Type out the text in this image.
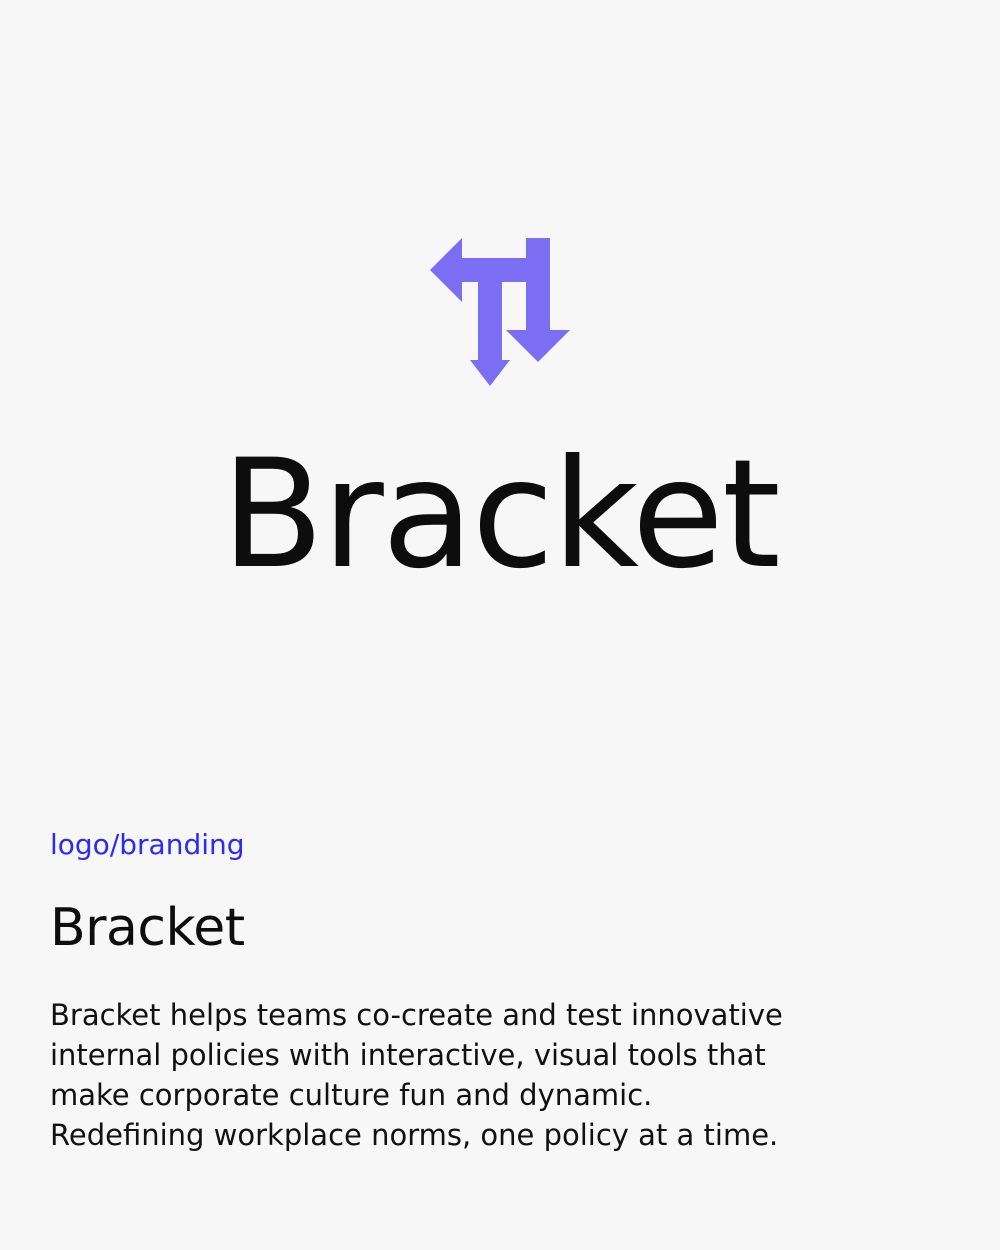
Bracket
logo/branding
Bracket

Bracket helps teams co-create and test innovative internal policies with interactive, visual tools that make corporate culture fun and dynamic. Redefining workplace norms, one policy at a time.
